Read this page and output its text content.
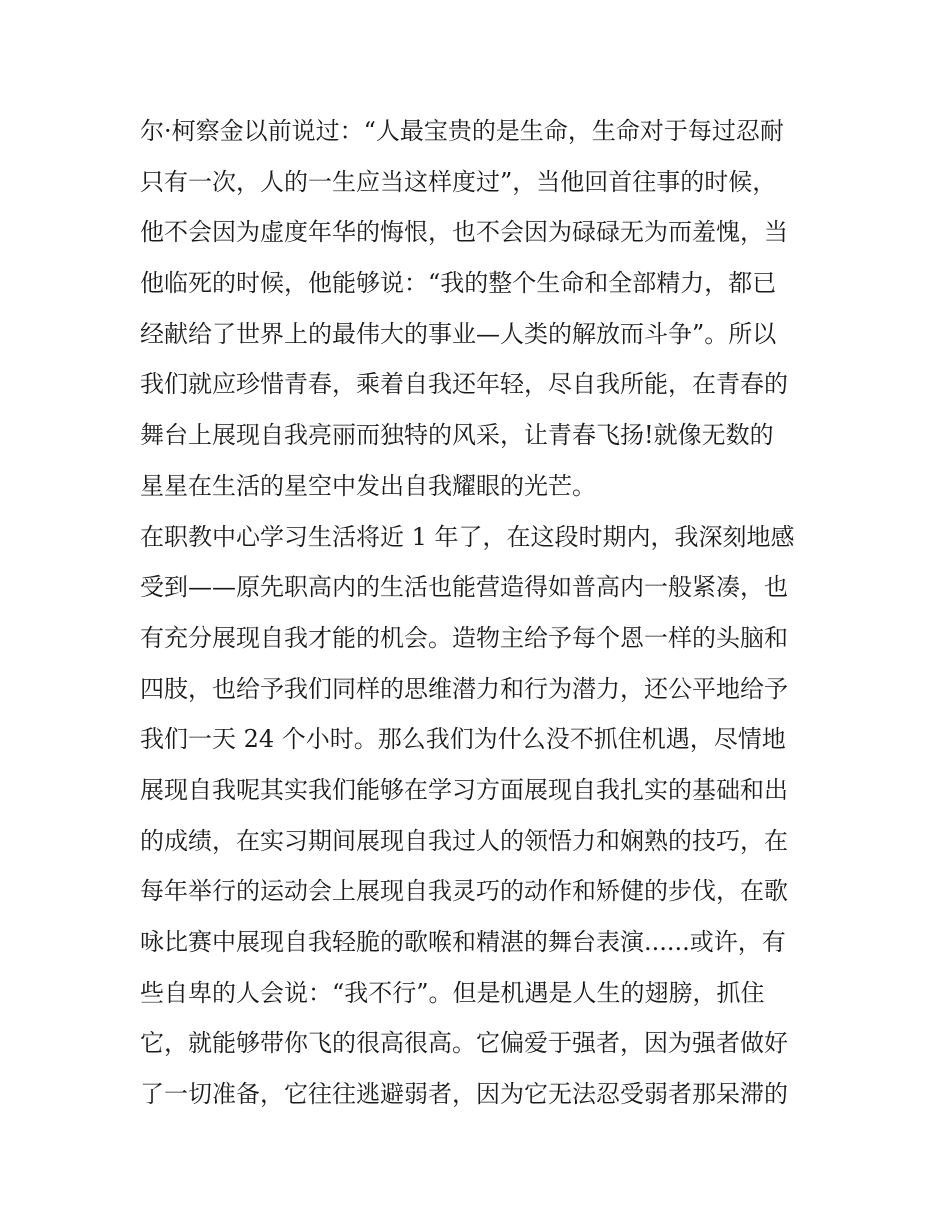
尔·柯察金以前说过：“人最宝贵的是生命，生命对于每过忍耐
只有一次，人的一生应当这样度过”，当他回首往事的时候，
他不会因为虚度年华的悔恨，也不会因为碌碌无为而羞愧，当
他临死的时候，他能够说：“我的整个生命和全部精力，都已
经献给了世界上的最伟大的事业—人类的解放而斗争”。所以
我们就应珍惜青春，乘着自我还年轻，尽自我所能，在青春的
舞台上展现自我亮丽而独特的风采，让青春飞扬!就像无数的
星星在生活的星空中发出自我耀眼的光芒。
在职教中心学习生活将近 1 年了，在这段时期内，我深刻地感
受到——原先职高内的生活也能营造得如普高内一般紧凑，也
有充分展现自我才能的机会。造物主给予每个恩一样的头脑和
四肢，也给予我们同样的思维潜力和行为潜力，还公平地给予
我们一天 24 个小时。那么我们为什么没不抓住机遇，尽情地
展现自我呢其实我们能够在学习方面展现自我扎实的基础和出
的成绩，在实习期间展现自我过人的领悟力和娴熟的技巧，在
每年举行的运动会上展现自我灵巧的动作和矫健的步伐，在歌
咏比赛中展现自我轻脆的歌喉和精湛的舞台表演......或许，有
些自卑的人会说：“我不行”。但是机遇是人生的翅膀，抓住
它，就能够带你飞的很高很高。它偏爱于强者，因为强者做好
了一切准备，它往往逃避弱者，因为它无法忍受弱者那呆滞的
